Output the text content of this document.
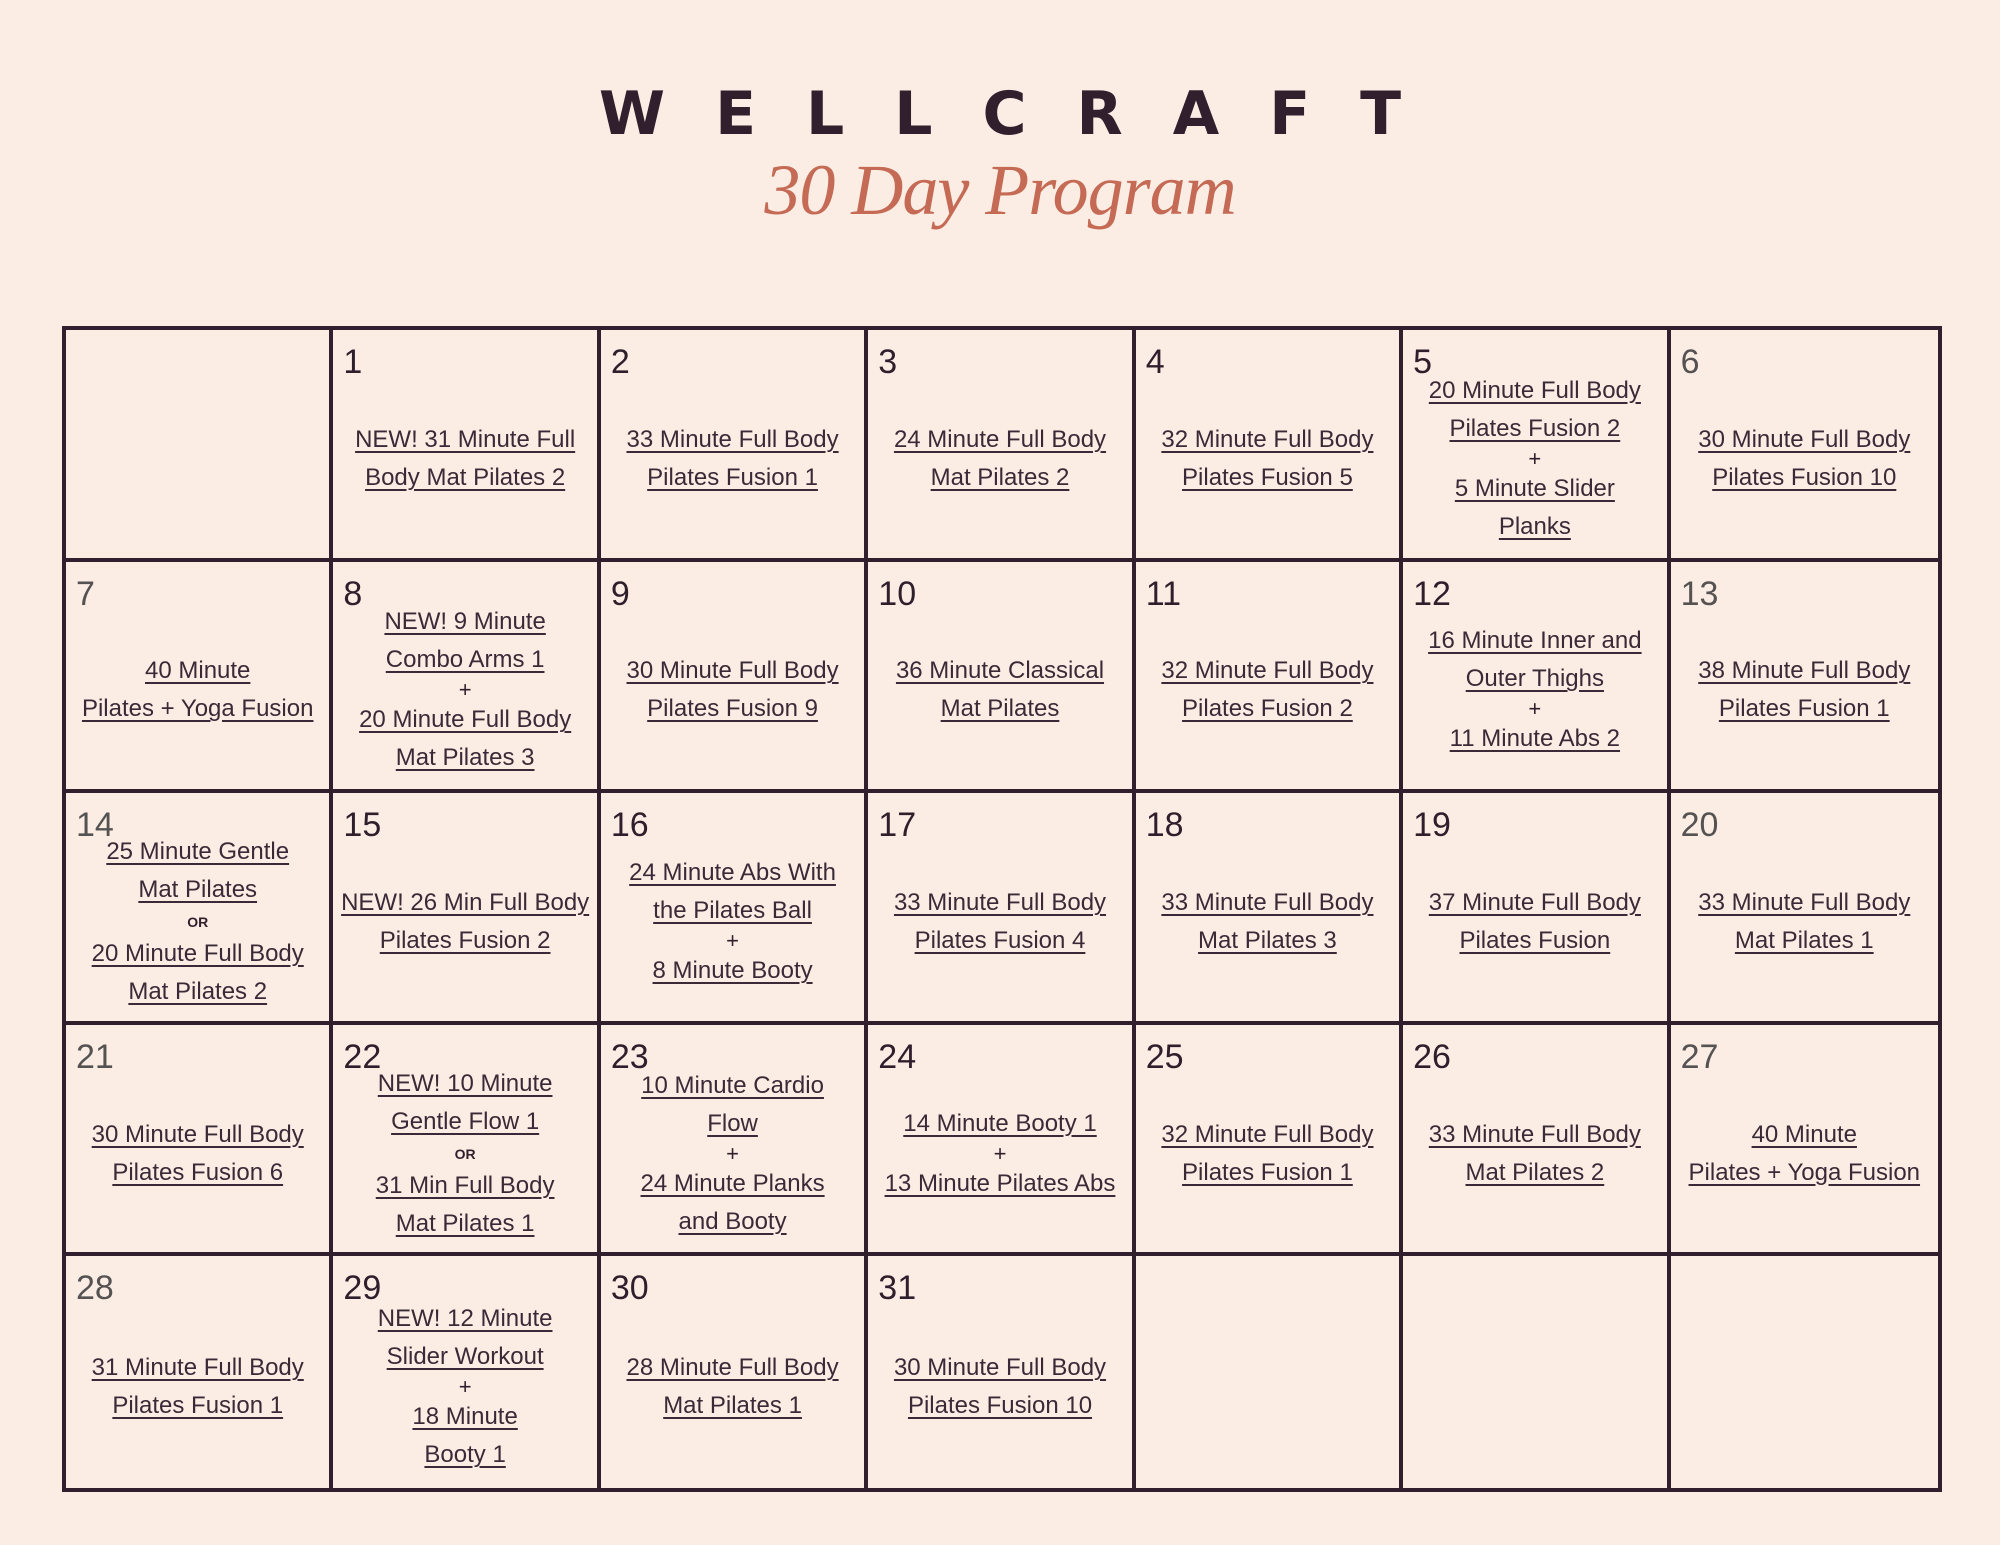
WELLCRAFT
30 Day Program
1
NEW! 31 Minute Full
Body Mat Pilates 2
2
33 Minute Full Body
Pilates Fusion 1
3
24 Minute Full Body
Mat Pilates 2
4
32 Minute Full Body
Pilates Fusion 5
5
20 Minute Full Body
Pilates Fusion 2
+
5 Minute Slider
Planks
6
30 Minute Full Body
Pilates Fusion 10
7
40 Minute
Pilates + Yoga Fusion
8
NEW! 9 Minute
Combo Arms 1
+
20 Minute Full Body
Mat Pilates 3
9
30 Minute Full Body
Pilates Fusion 9
10
36 Minute Classical
Mat Pilates
11
32 Minute Full Body
Pilates Fusion 2
12
16 Minute Inner and
Outer Thighs
+
11 Minute Abs 2
13
38 Minute Full Body
Pilates Fusion 1
14
25 Minute Gentle
Mat Pilates
OR
20 Minute Full Body
Mat Pilates 2
15
NEW! 26 Min Full Body
Pilates Fusion 2
16
24 Minute Abs With
the Pilates Ball
+
8 Minute Booty
17
33 Minute Full Body
Pilates Fusion 4
18
33 Minute Full Body
Mat Pilates 3
19
37 Minute Full Body
Pilates Fusion
20
33 Minute Full Body
Mat Pilates 1
21
30 Minute Full Body
Pilates Fusion 6
22
NEW! 10 Minute
Gentle Flow 1
OR
31 Min Full Body
Mat Pilates 1
23
10 Minute Cardio
Flow
+
24 Minute Planks
and Booty
24
14 Minute Booty 1
+
13 Minute Pilates Abs
25
32 Minute Full Body
Pilates Fusion 1
26
33 Minute Full Body
Mat Pilates 2
27
40 Minute
Pilates + Yoga Fusion
28
31 Minute Full Body
Pilates Fusion 1
29
NEW! 12 Minute
Slider Workout
+
18 Minute
Booty 1
30
28 Minute Full Body
Mat Pilates 1
31
30 Minute Full Body
Pilates Fusion 10
